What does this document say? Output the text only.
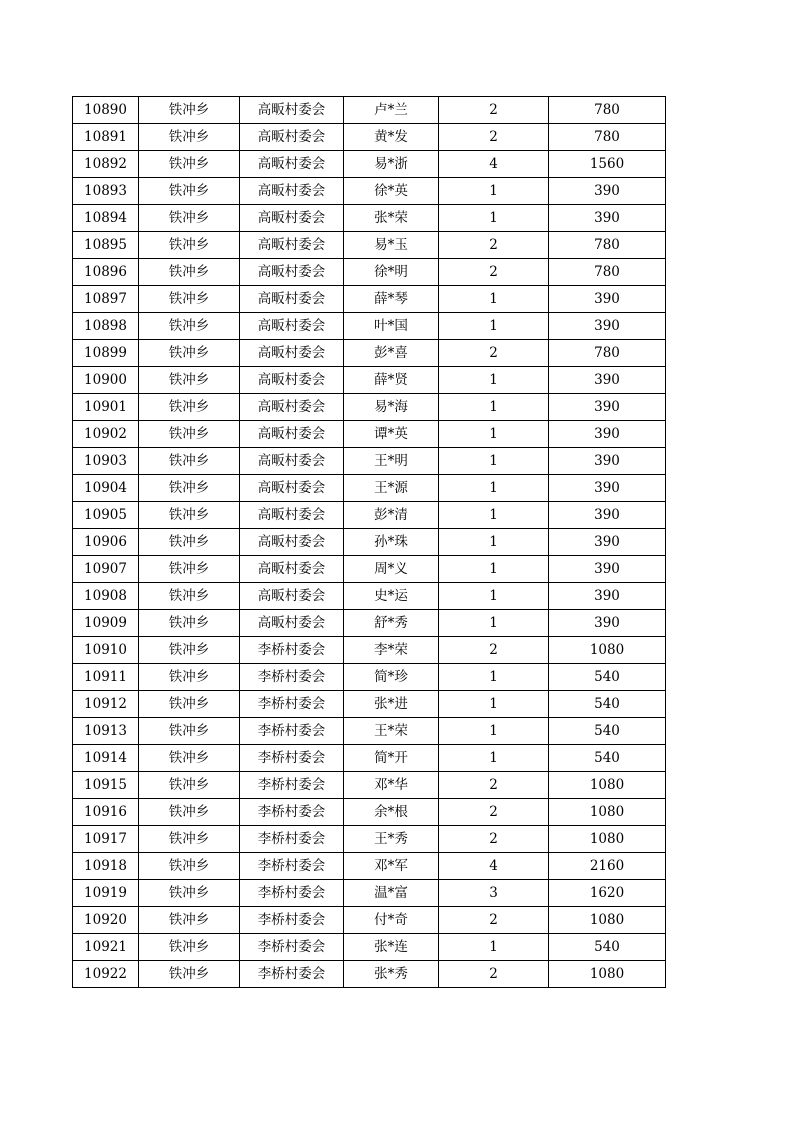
10890	铁冲乡	高畈村委会	卢*兰	2	780
10891	铁冲乡	高畈村委会	黄*发	2	780
10892	铁冲乡	高畈村委会	易*浙	4	1560
10893	铁冲乡	高畈村委会	徐*英	1	390
10894	铁冲乡	高畈村委会	张*荣	1	390
10895	铁冲乡	高畈村委会	易*玉	2	780
10896	铁冲乡	高畈村委会	徐*明	2	780
10897	铁冲乡	高畈村委会	薛*琴	1	390
10898	铁冲乡	高畈村委会	叶*国	1	390
10899	铁冲乡	高畈村委会	彭*喜	2	780
10900	铁冲乡	高畈村委会	薛*贤	1	390
10901	铁冲乡	高畈村委会	易*海	1	390
10902	铁冲乡	高畈村委会	谭*英	1	390
10903	铁冲乡	高畈村委会	王*明	1	390
10904	铁冲乡	高畈村委会	王*源	1	390
10905	铁冲乡	高畈村委会	彭*清	1	390
10906	铁冲乡	高畈村委会	孙*珠	1	390
10907	铁冲乡	高畈村委会	周*义	1	390
10908	铁冲乡	高畈村委会	史*运	1	390
10909	铁冲乡	高畈村委会	舒*秀	1	390
10910	铁冲乡	李桥村委会	李*荣	2	1080
10911	铁冲乡	李桥村委会	简*珍	1	540
10912	铁冲乡	李桥村委会	张*进	1	540
10913	铁冲乡	李桥村委会	王*荣	1	540
10914	铁冲乡	李桥村委会	简*开	1	540
10915	铁冲乡	李桥村委会	邓*华	2	1080
10916	铁冲乡	李桥村委会	余*根	2	1080
10917	铁冲乡	李桥村委会	王*秀	2	1080
10918	铁冲乡	李桥村委会	邓*军	4	2160
10919	铁冲乡	李桥村委会	温*富	3	1620
10920	铁冲乡	李桥村委会	付*奇	2	1080
10921	铁冲乡	李桥村委会	张*连	1	540
10922	铁冲乡	李桥村委会	张*秀	2	1080
